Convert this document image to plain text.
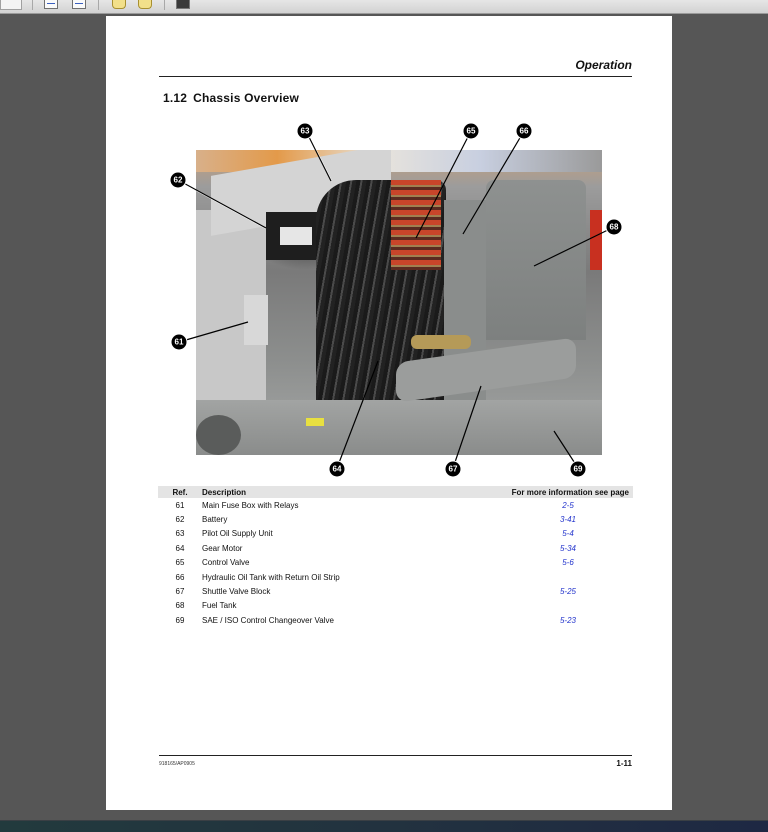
Operation
1.12 Chassis Overview
63	65	66
62
68
61
64	67	69
Ref.	Description	For more information see page
61	Main Fuse Box with Relays	2-5
62	Battery	3-41
63	Pilot Oil Supply Unit	5-4
64	Gear Motor	5-34
65	Control Valve	5-6
66	Hydraulic Oil Tank with Return Oil Strip
67	Shuttle Valve Block	5-25
68	Fuel Tank
69	SAE / ISO Control Changeover Valve	5-23
918165/AP0905	1-11
